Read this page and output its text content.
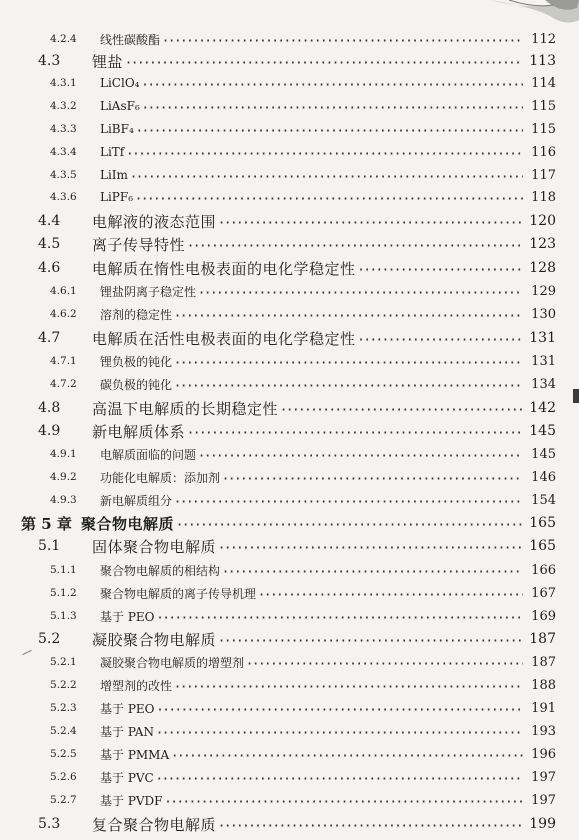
4.2.4	线性碳酸酯 ·····	112
4.3	锂盐 ·····	113
4.3.1	LiClO₄ ·····	114
4.3.2	LiAsF₆ ·····	115
4.3.3	LiBF₄ ·····	115
4.3.4	LiTf ·····	116
4.3.5	LiIm ·····	117
4.3.6	LiPF₆ ·····	118
4.4	电解液的液态范围 ·····	120
4.5	离子传导特性 ·····	123
4.6	电解质在惰性电极表面的电化学稳定性 ·····	128
4.6.1	锂盐阴离子稳定性 ·····	129
4.6.2	溶剂的稳定性 ·····	130
4.7	电解质在活性电极表面的电化学稳定性 ·····	131
4.7.1	锂负极的钝化 ·····	131
4.7.2	碳负极的钝化 ·····	134
4.8	高温下电解质的长期稳定性 ·····	142
4.9	新电解质体系 ·····	145
4.9.1	电解质面临的问题 ·····	145
4.9.2	功能化电解质：添加剂 ·····	146
4.9.3	新电解质组分 ·····	154
第 5 章 聚合物电解质 ·····	165
5.1	固体聚合物电解质 ·····	165
5.1.1	聚合物电解质的相结构 ·····	166
5.1.2	聚合物电解质的离子传导机理 ·····	167
5.1.3	基于 PEO ·····	169
5.2	凝胶聚合物电解质 ·····	187
5.2.1	凝胶聚合物电解质的增塑剂 ·····	187
5.2.2	增塑剂的改性 ·····	188
5.2.3	基于 PEO ·····	191
5.2.4	基于 PAN ·····	193
5.2.5	基于 PMMA ·····	196
5.2.6	基于 PVC ·····	197
5.2.7	基于 PVDF ·····	197
5.3	复合聚合物电解质 ·····	199
